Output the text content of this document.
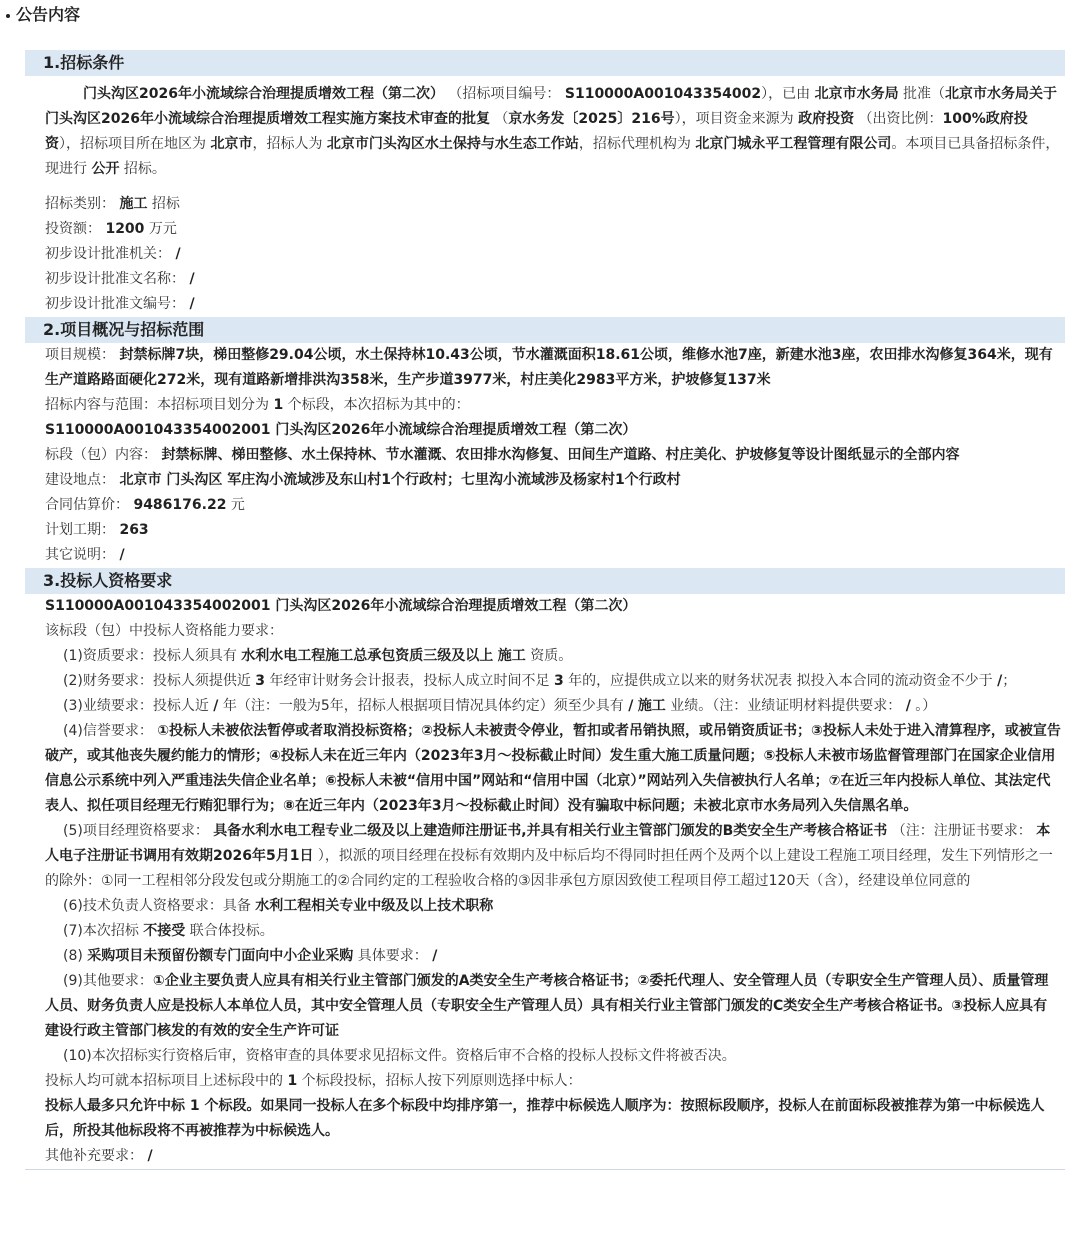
公告内容
1.招标条件
门头沟区2026年小流域综合治理提质增效工程（第二次） （招标项目编号： S110000A001043354002），已由 北京市水务局 批准（北京市水务局关于门头沟区2026年小流域综合治理提质增效工程实施方案技术审查的批复 （京水务发〔2025〕216号），项目资金来源为 政府投资 （出资比例：100%政府投资），招标项目所在地区为 北京市，招标人为 北京市门头沟区水土保持与水生态工作站，招标代理机构为 北京门城永平工程管理有限公司。本项目已具备招标条件，现进行 公开 招标。
招标类别： 施工 招标
投资额： 1200 万元
初步设计批准机关： /
初步设计批准文名称： /
初步设计批准文编号： /
2.项目概况与招标范围
项目规模： 封禁标牌7块，梯田整修29.04公顷，水土保持林10.43公顷，节水灌溉面积18.61公顷，维修水池7座，新建水池3座，农田排水沟修复364米，现有生产道路路面硬化272米，现有道路新增排洪沟358米，生产步道3977米，村庄美化2983平方米，护坡修复137米
招标内容与范围：本招标项目划分为 1 个标段，本次招标为其中的：
S110000A001043354002001 门头沟区2026年小流域综合治理提质增效工程（第二次）
标段（包）内容： 封禁标牌、梯田整修、水土保持林、节水灌溉、农田排水沟修复、田间生产道路、村庄美化、护坡修复等设计图纸显示的全部内容
建设地点： 北京市 门头沟区 军庄沟小流域涉及东山村1个行政村；七里沟小流域涉及杨家村1个行政村
合同估算价： 9486176.22 元
计划工期： 263
其它说明： /
3.投标人资格要求
S110000A001043354002001 门头沟区2026年小流域综合治理提质增效工程（第二次）
该标段（包）中投标人资格能力要求：
(1)资质要求：投标人须具有 水利水电工程施工总承包资质三级及以上 施工 资质。
(2)财务要求：投标人须提供近 3 年经审计财务会计报表，投标人成立时间不足 3 年的，应提供成立以来的财务状况表 拟投入本合同的流动资金不少于 /；
(3)业绩要求：投标人近 / 年（注：一般为5年，招标人根据项目情况具体约定）须至少具有 / 施工 业绩。（注：业绩证明材料提供要求： / 。）
(4)信誉要求： ①投标人未被依法暂停或者取消投标资格；②投标人未被责令停业，暂扣或者吊销执照，或吊销资质证书；③投标人未处于进入清算程序，或被宣告破产，或其他丧失履约能力的情形；④投标人未在近三年内（2023年3月～投标截止时间）发生重大施工质量问题；⑤投标人未被市场监督管理部门在国家企业信用信息公示系统中列入严重违法失信企业名单；⑥投标人未被“信用中国”网站和“信用中国（北京）”网站列入失信被执行人名单；⑦在近三年内投标人单位、其法定代表人、拟任项目经理无行贿犯罪行为；⑧在近三年内（2023年3月～投标截止时间）没有骗取中标问题；未被北京市水务局列入失信黑名单。
(5)项目经理资格要求： 具备水利水电工程专业二级及以上建造师注册证书,并具有相关行业主管部门颁发的B类安全生产考核合格证书 （注：注册证书要求： 本人电子注册证书调用有效期2026年5月1日 ），拟派的项目经理在投标有效期内及中标后均不得同时担任两个及两个以上建设工程施工项目经理，发生下列情形之一的除外：①同一工程相邻分段发包或分期施工的②合同约定的工程验收合格的③因非承包方原因致使工程项目停工超过120天（含），经建设单位同意的
(6)技术负责人资格要求：具备 水利工程相关专业中级及以上技术职称
(7)本次招标 不接受 联合体投标。
(8) 采购项目未预留份额专门面向中小企业采购 具体要求： /
(9)其他要求：①企业主要负责人应具有相关行业主管部门颁发的A类安全生产考核合格证书；②委托代理人、安全管理人员（专职安全生产管理人员）、质量管理人员、财务负责人应是投标人本单位人员，其中安全管理人员（专职安全生产管理人员）具有相关行业主管部门颁发的C类安全生产考核合格证书。③投标人应具有建设行政主管部门核发的有效的安全生产许可证
(10)本次招标实行资格后审，资格审查的具体要求见招标文件。资格后审不合格的投标人投标文件将被否决。
投标人均可就本招标项目上述标段中的 1 个标段投标，招标人按下列原则选择中标人：
投标人最多只允许中标 1 个标段。如果同一投标人在多个标段中均排序第一，推荐中标候选人顺序为：按照标段顺序，投标人在前面标段被推荐为第一中标候选人后，所投其他标段将不再被推荐为中标候选人。
其他补充要求： /
